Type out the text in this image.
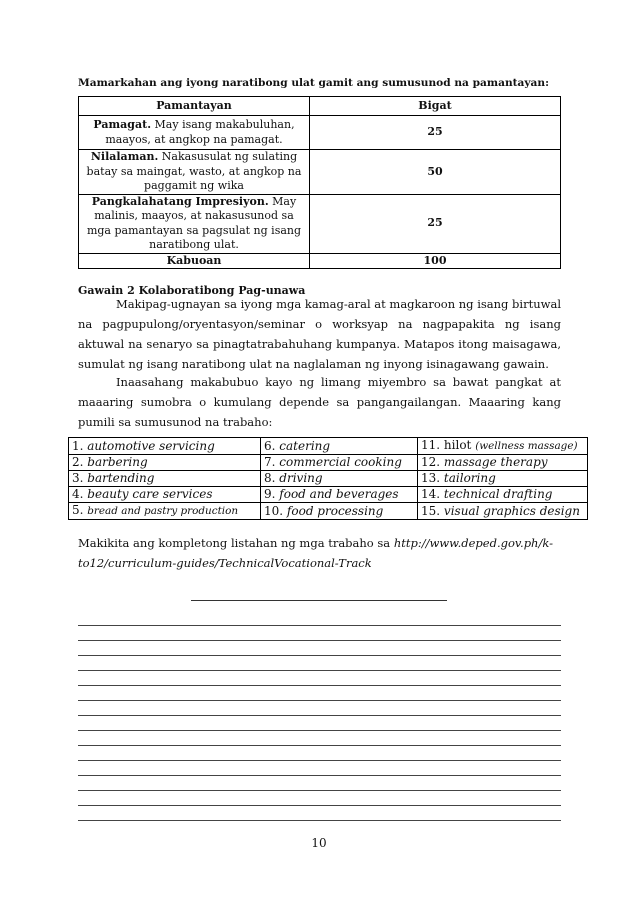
Mamarkahan ang iyong naratibong ulat gamit ang sumusunod na pamantayan:
Pamantayan	Bigat
Pamagat. May isang makabuluhan, maayos, at angkop na pamagat.	25
Nilalaman. Nakasusulat ng sulating batay sa maingat, wasto, at angkop na paggamit ng wika	50
Pangkalahatang Impresiyon. May malinis, maayos, at nakasusunod sa mga pamantayan sa pagsulat ng isang naratibong ulat.	25
Kabuoan	100
Gawain 2 Kolaboratibong Pag-unawa

Makipag-ugnayan sa iyong mga kamag-aral at magkaroon ng isang birtuwal na pagpupulong/oryentasyon/seminar o worksyap na nagpapakita ng isang aktuwal na senaryo sa pinagtatrabahuhang kumpanya. Matapos itong maisagawa, sumulat ng isang naratibong ulat na naglalaman ng inyong isinagawang gawain.

Inaasahang makabubuo kayo ng limang miyembro sa bawat pangkat at maaaring sumobra o kumulang depende sa pangangailangan. Maaaring kang pumili sa sumusunod na trabaho:

1. automotive servicing	6. catering	11. hilot (wellness massage)
2. barbering	7. commercial cooking	12. massage therapy
3. bartending	8. driving	13. tailoring
4. beauty care services	9. food and beverages	14. technical drafting
5. bread and pastry production	10. food processing	15. visual graphics design

Makikita ang kompletong listahan ng mga trabaho sa http://www.deped.gov.ph/k-to12/curriculum-guides/TechnicalVocational-Track

10
